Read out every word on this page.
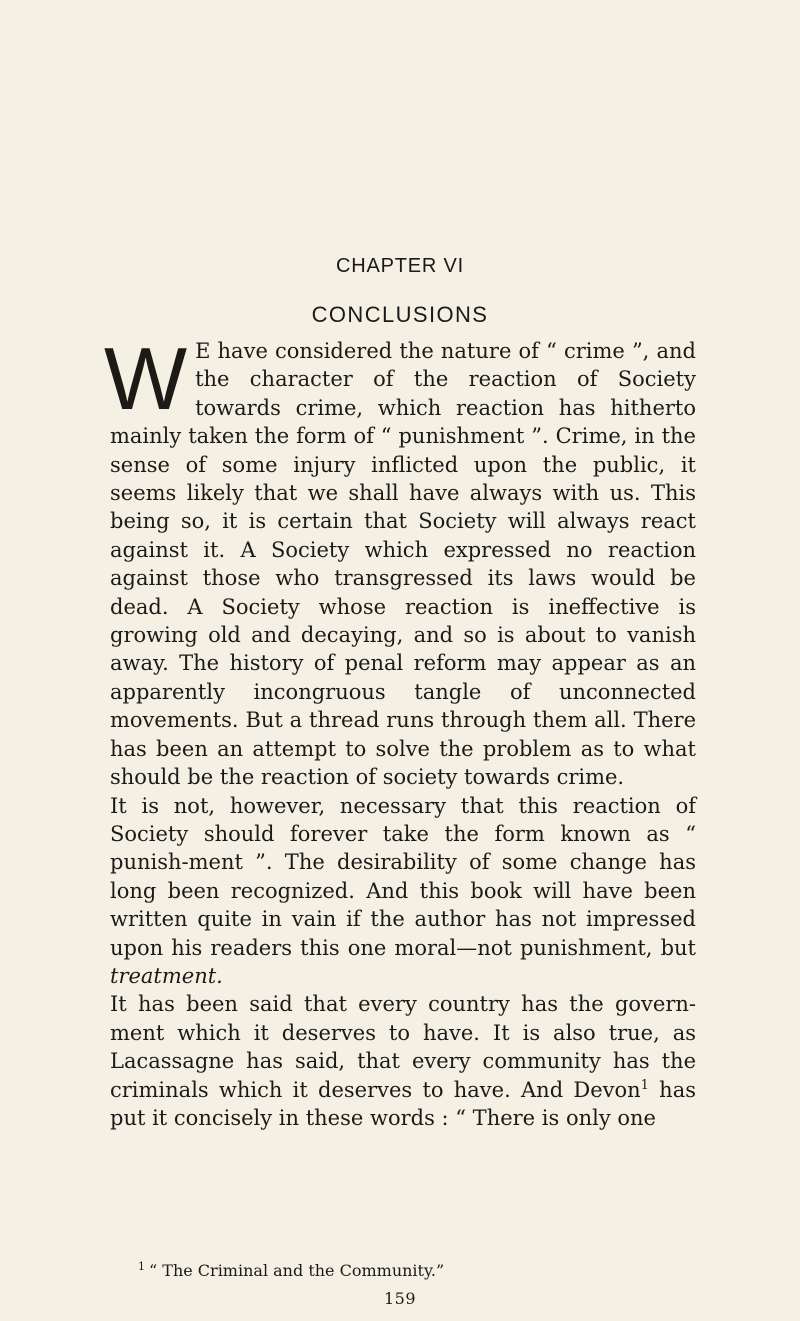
CHAPTER VI
CONCLUSIONS

W E have considered the nature of “ crime ”, and the character of the reaction of Society towards crime, which reaction has hitherto mainly taken the form of “ punishment ”. Crime, in the sense of some injury inflicted upon the public, it seems likely that we shall have always with us. This being so, it is certain that Society will always react against it. A Society which expressed no reaction against those who transgressed its laws would be dead. A Society whose reaction is ineffective is growing old and decaying, and so is about to vanish away. The history of penal reform may appear as an apparently incongruous tangle of unconnected movements. But a thread runs through them all. There has been an attempt to solve the problem as to what should be the reaction of society towards crime.

It is not, however, necessary that this reaction of Society should forever take the form known as “ punish-ment ”. The desirability of some change has long been recognized. And this book will have been written quite in vain if the author has not impressed upon his readers this one moral—not punishment, but treatment.

It has been said that every country has the govern-ment which it deserves to have. It is also true, as Lacassagne has said, that every community has the criminals which it deserves to have. And Devon$^1$ has put it concisely in these words : “ There is only one

$^1$ “ The Criminal and the Community.”
159
